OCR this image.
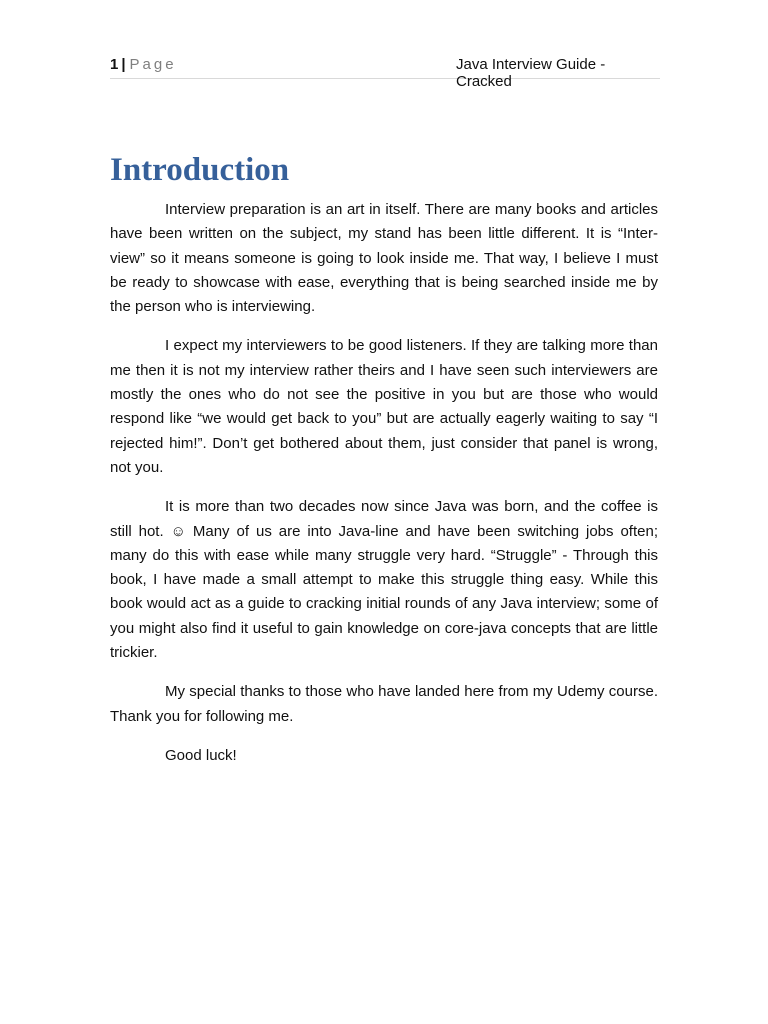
1 | Page	Java Interview Guide - Cracked
Introduction

Interview preparation is an art in itself. There are many books and articles have been written on the subject, my stand has been little different. It is “Inter-view” so it means someone is going to look inside me. That way, I believe I must be ready to showcase with ease, everything that is being searched inside me by the person who is interviewing.

I expect my interviewers to be good listeners. If they are talking more than me then it is not my interview rather theirs and I have seen such interviewers are mostly the ones who do not see the positive in you but are those who would respond like “we would get back to you” but are actually eagerly waiting to say “I rejected him!”. Don’t get bothered about them, just consider that panel is wrong, not you.

It is more than two decades now since Java was born, and the coffee is still hot. ☺ Many of us are into Java-line and have been switching jobs often; many do this with ease while many struggle very hard. “Struggle” - Through this book, I have made a small attempt to make this struggle thing easy. While this book would act as a guide to cracking initial rounds of any Java interview; some of you might also find it useful to gain knowledge on core-java concepts that are little trickier.

My special thanks to those who have landed here from my Udemy course. Thank you for following me.

Good luck!
